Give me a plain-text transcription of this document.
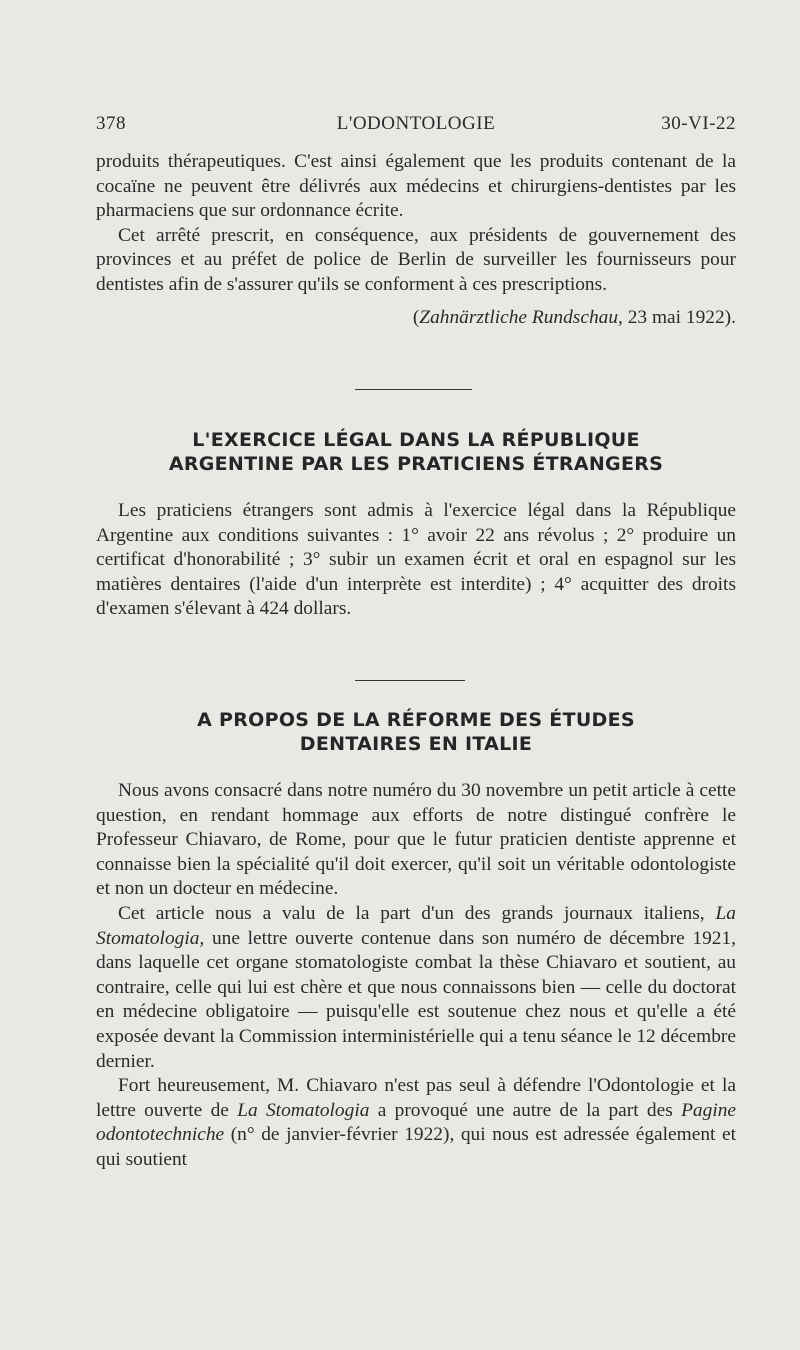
L'ODONTOLOGIE
378	30-VI-22

produits thérapeutiques. C'est ainsi également que les produits contenant de la cocaïne ne peuvent être délivrés aux médecins et chirurgiens-dentistes par les pharmaciens que sur ordonnance écrite.

Cet arrêté prescrit, en conséquence, aux présidents de gouvernement des provinces et au préfet de police de Berlin de surveiller les fournisseurs pour dentistes afin de s'assurer qu'ils se conforment à ces prescriptions.

(Zahnärztliche Rundschau, 23 mai 1922).

L'EXERCICE LÉGAL DANS LA RÉPUBLIQUE
ARGENTINE PAR LES PRATICIENS ÉTRANGERS

Les praticiens étrangers sont admis à l'exercice légal dans la République Argentine aux conditions suivantes : 1° avoir 22 ans révolus ; 2° produire un certificat d'honorabilité ; 3° subir un examen écrit et oral en espagnol sur les matières dentaires (l'aide d'un interprète est interdite) ; 4° acquitter des droits d'examen s'élevant à 424 dollars.

A PROPOS DE LA RÉFORME DES ÉTUDES
DENTAIRES EN ITALIE

Nous avons consacré dans notre numéro du 30 novembre un petit article à cette question, en rendant hommage aux efforts de notre distingué confrère le Professeur Chiavaro, de Rome, pour que le futur praticien dentiste apprenne et connaisse bien la spécialité qu'il doit exercer, qu'il soit un véritable odontologiste et non un docteur en médecine.

Cet article nous a valu de la part d'un des grands journaux italiens, La Stomatologia, une lettre ouverte contenue dans son numéro de décembre 1921, dans laquelle cet organe stomatologiste combat la thèse Chiavaro et soutient, au contraire, celle qui lui est chère et que nous connaissons bien — celle du doctorat en médecine obligatoire — puisqu'elle est soutenue chez nous et qu'elle a été exposée devant la Commission interministérielle qui a tenu séance le 12 décembre dernier.

Fort heureusement, M. Chiavaro n'est pas seul à défendre l'Odontologie et la lettre ouverte de La Stomatologia a provoqué une autre de la part des Pagine odontotechniche (n° de janvier-février 1922), qui nous est adressée également et qui soutient
